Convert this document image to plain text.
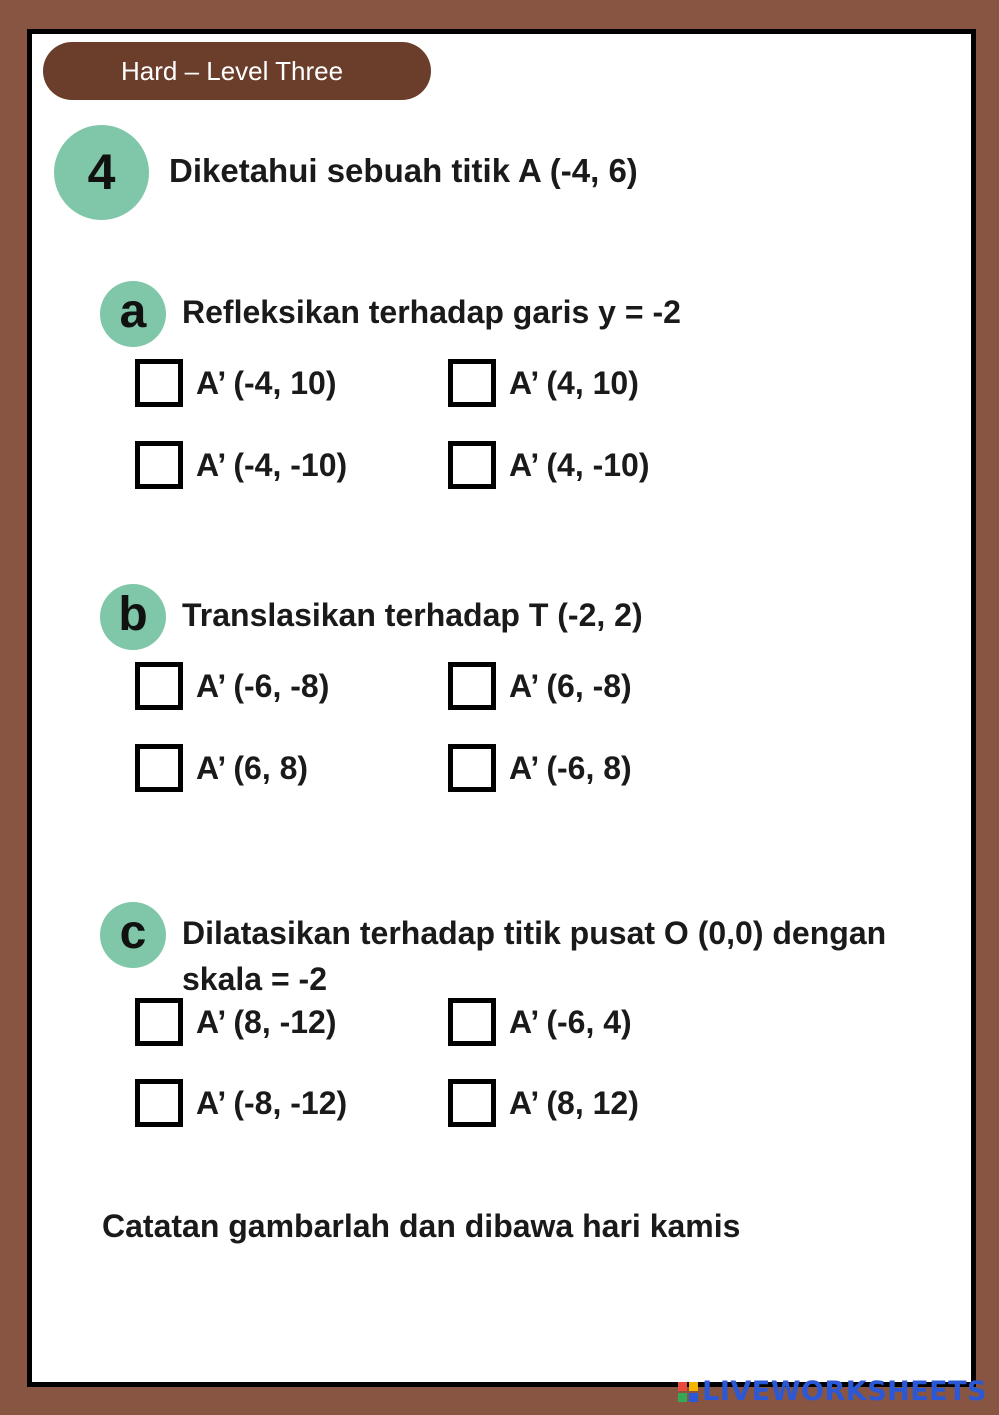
Hard – Level Three
4	Diketahui sebuah titik A (-4, 6)
a	Refleksikan terhadap garis y = -2
A’ (-4, 10)	A’ (4, 10)
A’ (-4, -10)	A’ (4, -10)
b	Translasikan terhadap T (-2, 2)
A’ (-6, -8)	A’ (6, -8)
A’ (6, 8)	A’ (-6, 8)
c	Dilatasikan terhadap titik pusat O (0,0) dengan skala = -2
A’ (8, -12)	A’ (-6, 4)
A’ (-8, -12)	A’ (8, 12)
Catatan gambarlah dan dibawa hari kamis
LIVEWORKSHEETS
